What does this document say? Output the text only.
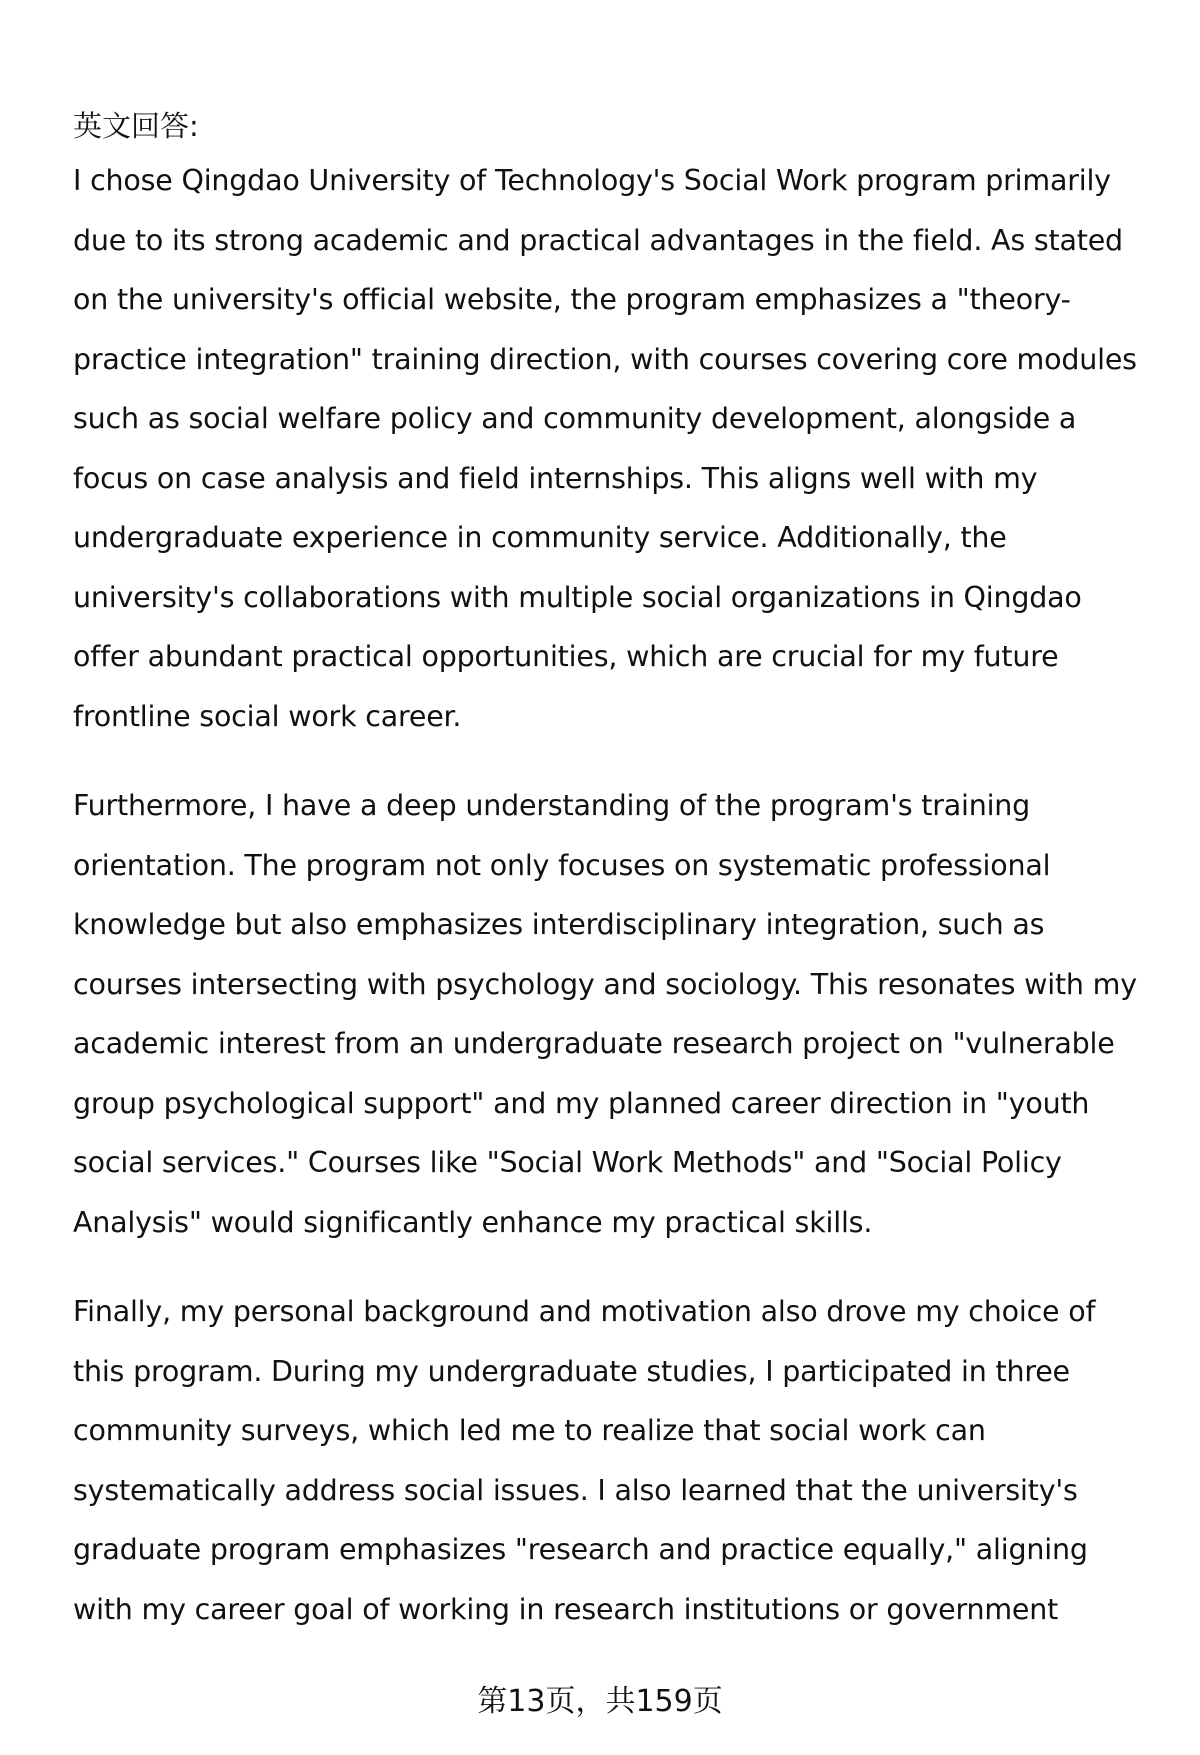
英文回答:
I chose Qingdao University of Technology's Social Work program primarily
due to its strong academic and practical advantages in the field. As stated
on the university's official website, the program emphasizes a "theory-
practice integration" training direction, with courses covering core modules
such as social welfare policy and community development, alongside a
focus on case analysis and field internships. This aligns well with my
undergraduate experience in community service. Additionally, the
university's collaborations with multiple social organizations in Qingdao
offer abundant practical opportunities, which are crucial for my future
frontline social work career.
Furthermore, I have a deep understanding of the program's training
orientation. The program not only focuses on systematic professional
knowledge but also emphasizes interdisciplinary integration, such as
courses intersecting with psychology and sociology. This resonates with my
academic interest from an undergraduate research project on "vulnerable
group psychological support" and my planned career direction in "youth
social services." Courses like "Social Work Methods" and "Social Policy
Analysis" would significantly enhance my practical skills.
Finally, my personal background and motivation also drove my choice of
this program. During my undergraduate studies, I participated in three
community surveys, which led me to realize that social work can
systematically address social issues. I also learned that the university's
graduate program emphasizes "research and practice equally," aligning
with my career goal of working in research institutions or government
第13页，共159页
